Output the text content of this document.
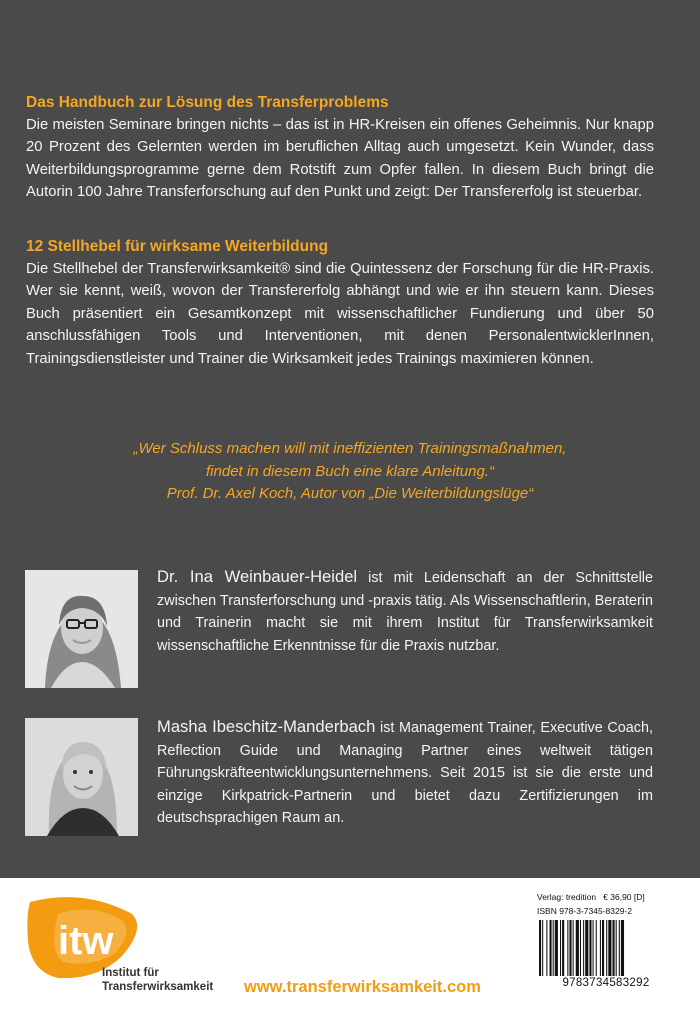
Das Handbuch zur Lösung des Transferproblems
Die meisten Seminare bringen nichts – das ist in HR-Kreisen ein offenes Geheimnis. Nur knapp 20 Prozent des Gelernten werden im beruflichen Alltag auch umgesetzt. Kein Wunder, dass Weiterbildungsprogramme gerne dem Rotstift zum Opfer fallen. In diesem Buch bringt die Autorin 100 Jahre Transferforschung auf den Punkt und zeigt: Der Transfererfolg ist steuerbar.
12 Stellhebel für wirksame Weiterbildung
Die Stellhebel der Transferwirksamkeit® sind die Quintessenz der Forschung für die HR-Praxis. Wer sie kennt, weiß, wovon der Transfererfolg abhängt und wie er ihn steuern kann. Dieses Buch präsentiert ein Gesamtkonzept mit wissenschaftlicher Fundierung und über 50 anschlussfähigen Tools und Interventionen, mit denen PersonalentwicklerInnen, Trainingsdienstleister und Trainer die Wirksamkeit jedes Trainings maximieren können.
„Wer Schluss machen will mit ineffizienten Trainingsmaßnahmen,
findet in diesem Buch eine klare Anleitung.“
Prof. Dr. Axel Koch, Autor von „Die Weiterbildungslüge“
Dr. Ina Weinbauer-Heidel ist mit Leidenschaft an der Schnittstelle zwischen Transferforschung und -praxis tätig. Als Wissenschaftlerin, Beraterin und Trainerin macht sie mit ihrem Institut für Transferwirksamkeit wissenschaftliche Erkenntnisse für die Praxis nutzbar.
Masha Ibeschitz-Manderbach ist Management Trainer, Executive Coach, Reflection Guide und Managing Partner eines weltweit tätigen Führungskräfteentwicklungsunternehmens. Seit 2015 ist sie die erste und einzige Kirkpatrick-Partnerin und bietet dazu Zertifizierungen im deutschsprachigen Raum an.
itw
Institut für
Transferwirksamkeit www.transferwirksamkeit.com
Verlag: tredition € 36,90 [D]
ISBN 978-3-7345-8329-2
9783734583292
